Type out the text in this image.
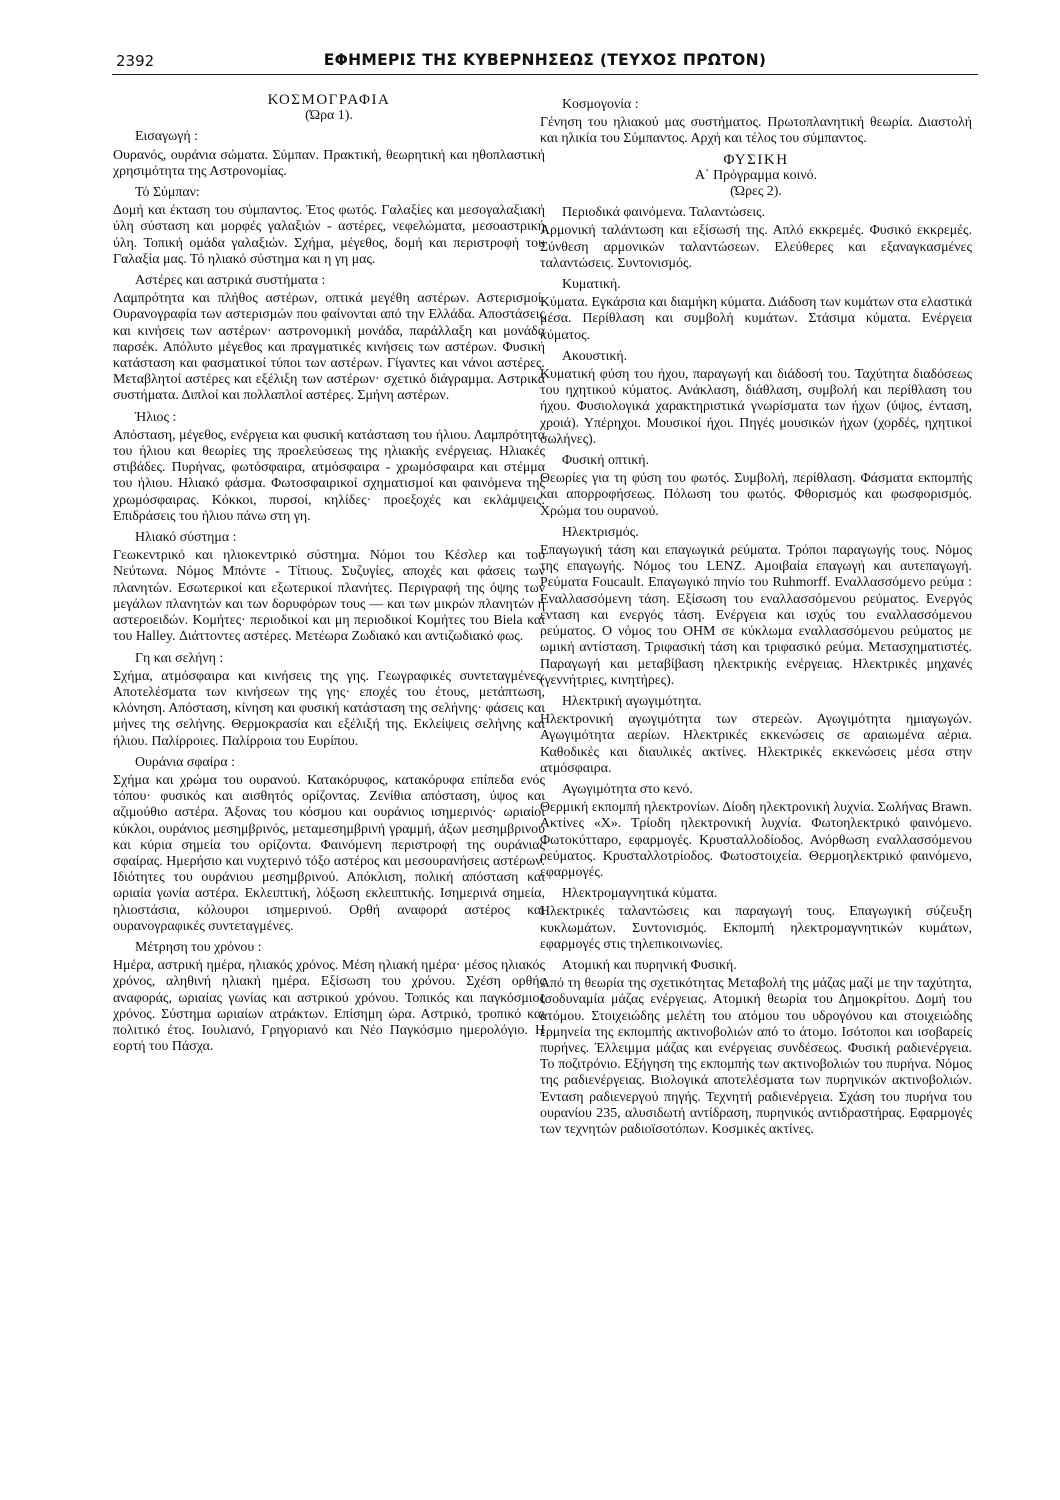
2392	ΕΦΗΜΕΡΙΣ ΤΗΣ ΚΥΒΕΡΝΗΣΕΩΣ (ΤΕΥΧΟΣ ΠΡΩΤΟΝ)

ΚΟΣΜΟΓΡΑΦΙΑ

(Ώρα 1).

Εισαγωγή :

Ουρανός, ουράνια σώματα. Σύμπαν. Πρακτική, θεωρητική και ηθοπλαστική χρησιμότητα της Αστρονομίας.

Τό Σύμπαν:

Δομή και έκταση του σύμπαντος. Έτος φωτός. Γαλαξίες και μεσογαλαξιακή ύλη σύσταση και μορφές γαλαξιών - αστέρες, νεφελώματα, μεσοαστρική ύλη. Τοπική ομάδα γαλαξιών. Σχήμα, μέγεθος, δομή και περιστροφή του Γαλαξία μας. Τό ηλιακό σύστημα και η γη μας.

Αστέρες και αστρικά συστήματα :

Λαμπρότητα και πλήθος αστέρων, οπτικά μεγέθη αστέρων. Αστερισμοί. Ουρανογραφία των αστερισμών που φαίνονται από την Ελλάδα. Αποστάσεις και κινήσεις των αστέρων· αστρονομική μονάδα, παράλλαξη και μονάδα παρσέκ. Απόλυτο μέγεθος και πραγματικές κινήσεις των αστέρων. Φυσική κατάσταση και φασματικοί τύποι των αστέρων. Γίγαντες και νάνοι αστέρες. Μεταβλητοί αστέρες και εξέλιξη των αστέρων· σχετικό διάγραμμα. Αστρικά συστήματα. Διπλοί και πολλαπλοί αστέρες. Σμήνη αστέρων.

Ήλιος :

Απόσταση, μέγεθος, ενέργεια και φυσική κατάσταση του ήλιου. Λαμπρότητα του ήλιου και θεωρίες της προελεύσεως της ηλιακής ενέργειας. Ηλιακές στιβάδες. Πυρήνας, φωτόσφαιρα, ατμόσφαιρα - χρωμόσφαιρα και στέμμα του ήλιου. Ηλιακό φάσμα. Φωτοσφαιρικοί σχηματισμοί και φαινόμενα της χρωμόσφαιρας. Κόκκοι, πυρσοί, κηλίδες· προεξοχές και εκλάμψεις. Επιδράσεις του ήλιου πάνω στη γη.

Ηλιακό σύστημα :

Γεωκεντρικό και ηλιοκεντρικό σύστημα. Νόμοι του Κέσλερ και του Νεύτωνα. Νόμος Μπόντε - Τίτιους. Συζυγίες, αποχές και φάσεις των πλανητών. Εσωτερικοί και εξωτερικοί πλανήτες. Περιγραφή της όψης των μεγάλων πλανητών και των δορυφόρων τους — και των μικρών πλανητών ή αστεροειδών. Κομήτες· περιοδικοί και μη περιοδικοί Κομήτες του Biela και του Halley. Διάττοντες αστέρες. Μετέωρα Ζωδιακό και αντιζωδιακό φως.

Γη και σελήνη :

Σχήμα, ατμόσφαιρα και κινήσεις της γης. Γεωγραφικές συντεταγμένες. Αποτελέσματα των κινήσεων της γης· εποχές του έτους, μετάπτωση, κλόνηση. Απόσταση, κίνηση και φυσική κατάσταση της σελήνης· φάσεις και μήνες της σελήνης. Θερμοκρασία και εξέλιξή της. Εκλείψεις σελήνης και ήλιου. Παλίρροιες. Παλίρροια του Ευρίπου.

Ουράνια σφαίρα :

Σχήμα και χρώμα του ουρανού. Κατακόρυφος, κατακόρυφα επίπεδα ενός τόπου· φυσικός και αισθητός ορίζοντας. Ζενίθια απόσταση, ύψος και αζιμούθιο αστέρα. Άξονας του κόσμου και ουράνιος ισημερινός· ωριαίοι κύκλοι, ουράνιος μεσημβρινός, μεταμεσημβρινή γραμμή, άξων μεσημβρινού και κύρια σημεία του ορίζοντα. Φαινόμενη περιστροφή της ουράνιας σφαίρας. Ημερήσιο και νυχτερινό τόξο αστέρος και μεσουρανήσεις αστέρων. Ιδιότητες του ουράνιου μεσημβρινού. Απόκλιση, πολική απόσταση και ωριαία γωνία αστέρα. Εκλειπτική, λόξωση εκλειπτικής. Ισημερινά σημεία, ηλιοστάσια, κόλουροι ισημερινού. Ορθή αναφορά αστέρος και ουρανογραφικές συντεταγμένες.

Μέτρηση του χρόνου :

Ημέρα, αστρική ημέρα, ηλιακός χρόνος. Μέση ηλιακή ημέρα· μέσος ηλιακός χρόνος, αληθινή ηλιακή ημέρα. Εξίσωση του χρόνου. Σχέση ορθής αναφοράς, ωριαίας γωνίας και αστρικού χρόνου. Τοπικός και παγκόσμιος χρόνος. Σύστημα ωριαίων ατράκτων. Επίσημη ώρα. Αστρικό, τροπικό και πολιτικό έτος. Ιουλιανό, Γρηγοριανό και Νέο Παγκόσμιο ημερολόγιο. Η εορτή του Πάσχα.

Κοσμογονία :

Γένηση του ηλιακού μας συστήματος. Πρωτοπλανητική θεωρία. Διαστολή και ηλικία του Σύμπαντος. Αρχή και τέλος του σύμπαντος.

ΦΥΣΙΚΗ

Α΄ Πρόγραμμα κοινό.

(Ώρες 2).

Περιοδικά φαινόμενα. Ταλαντώσεις.

Αρμονική ταλάντωση και εξίσωσή της. Απλό εκκρεμές. Φυσικό εκκρεμές. Σύνθεση αρμονικών ταλαντώσεων. Ελεύθερες και εξαναγκασμένες ταλαντώσεις. Συντονισμός.

Κυματική.

Κύματα. Εγκάρσια και διαμήκη κύματα. Διάδοση των κυμάτων στα ελαστικά μέσα. Περίθλαση και συμβολή κυμάτων. Στάσιμα κύματα. Ενέργεια κύματος.

Ακουστική.

Κυματική φύση του ήχου, παραγωγή και διάδοσή του. Ταχύτητα διαδόσεως του ηχητικού κύματος. Ανάκλαση, διάθλαση, συμβολή και περίθλαση του ήχου. Φυσιολογικά χαρακτηριστικά γνωρίσματα των ήχων (ύψος, ένταση, χροιά). Υπέρηχοι. Μουσικοί ήχοι. Πηγές μουσικών ήχων (χορδές, ηχητικοί σωλήνες).

Φυσική οπτική.

Θεωρίες για τη φύση του φωτός. Συμβολή, περίθλαση. Φάσματα εκπομπής και απορροφήσεως. Πόλωση του φωτός. Φθορισμός και φωσφορισμός. Χρώμα του ουρανού.

Ηλεκτρισμός.

Επαγωγική τάση και επαγωγικά ρεύματα. Τρόποι παραγωγής τους. Νόμος της επαγωγής. Νόμος του LENZ. Αμοιβαία επαγωγή και αυτεπαγωγή. Ρεύματα Foucault. Επαγωγικό πηνίο του Ruhmorff. Εναλλασσόμενο ρεύμα : Εναλλασσόμενη τάση. Εξίσωση του εναλλασσόμενου ρεύματος. Ενεργός ένταση και ενεργός τάση. Ενέργεια και ισχύς του εναλλασσόμενου ρεύματος. Ο νόμος του OHM σε κύκλωμα εναλλασσόμενου ρεύματος με ωμική αντίσταση. Τριφασική τάση και τριφασικό ρεύμα. Μετασχηματιστές. Παραγωγή και μεταβίβαση ηλεκτρικής ενέργειας. Ηλεκτρικές μηχανές (γεννήτριες, κινητήρες).

Ηλεκτρική αγωγιμότητα.

Ηλεκτρονική αγωγιμότητα των στερεών. Αγωγιμότητα ημιαγωγών. Αγωγιμότητα αερίων. Ηλεκτρικές εκκενώσεις σε αραιωμένα αέρια. Καθοδικές και διαυλικές ακτίνες. Ηλεκτρικές εκκενώσεις μέσα στην ατμόσφαιρα.

Αγωγιμότητα στο κενό.

Θερμική εκπομπή ηλεκτρονίων. Δίοδη ηλεκτρονική λυχνία. Σωλήνας Brawn. Ακτίνες «Χ». Τρίοδη ηλεκτρονική λυχνία. Φωτοηλεκτρικό φαινόμενο. Φωτοκύτταρο, εφαρμογές. Κρυσταλλοδίοδος. Ανόρθωση εναλλασσόμενου ρεύματος. Κρυσταλλοτρίοδος. Φωτοστοιχεία. Θερμοηλεκτρικό φαινόμενο, εφαρμογές.

Ηλεκτρομαγνητικά κύματα.

Ηλεκτρικές ταλαντώσεις και παραγωγή τους. Επαγωγική σύζευξη κυκλωμάτων. Συντονισμός. Εκπομπή ηλεκτρομαγνητικών κυμάτων, εφαρμογές στις τηλεπικοινωνίες.

Ατομική και πυρηνική Φυσική.

Από τη θεωρία της σχετικότητας Μεταβολή της μάζας μαζί με την ταχύτητα, Ισοδυναμία μάζας ενέργειας. Ατομική θεωρία του Δημοκρίτου. Δομή του ατόμου. Στοιχειώδης μελέτη του ατόμου του υδρογόνου και στοιχειώδης ερμηνεία της εκπομπής ακτινοβολιών από το άτομο. Ισότοποι και ισοβαρείς πυρήνες. Έλλειμμα μάζας και ενέργειας συνδέσεως. Φυσική ραδιενέργεια. Το ποζιτρόνιο. Εξήγηση της εκπομπής των ακτινοβολιών του πυρήνα. Νόμος της ραδιενέργειας. Βιολογικά αποτελέσματα των πυρηνικών ακτινοβολιών. Ένταση ραδιενεργού πηγής. Τεχνητή ραδιενέργεια. Σχάση του πυρήνα του ουρανίου 235, αλυσιδωτή αντίδραση, πυρηνικός αντιδραστήρας. Εφαρμογές των τεχνητών ραδιοϊσοτόπων. Κοσμικές ακτίνες.
